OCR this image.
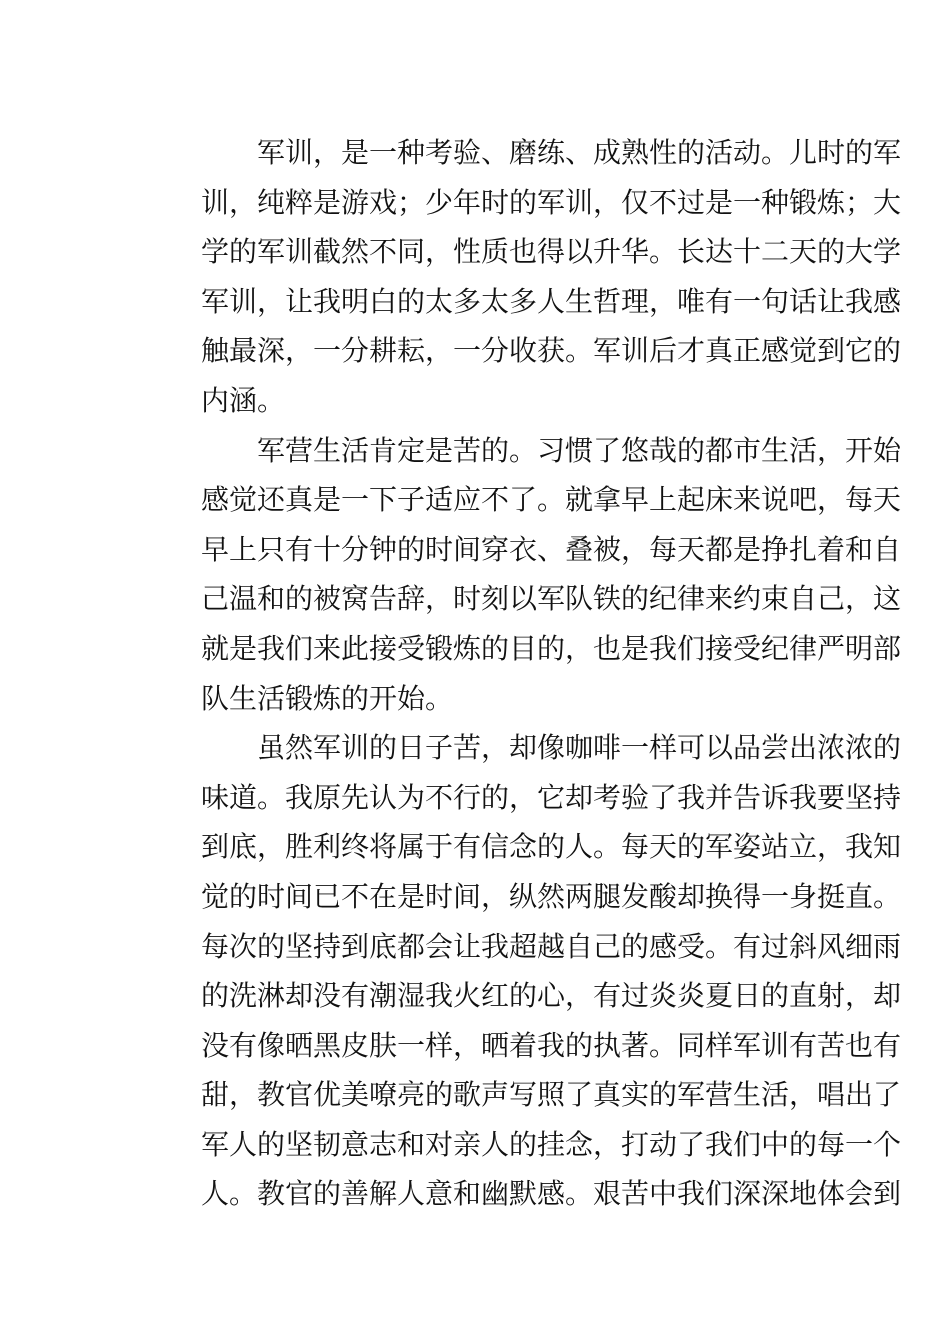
军训，是一种考验、磨练、成熟性的活动。儿时的军
训，纯粹是游戏；少年时的军训，仅不过是一种锻炼；大
学的军训截然不同，性质也得以升华。长达十二天的大学
军训，让我明白的太多太多人生哲理，唯有一句话让我感
触最深，一分耕耘，一分收获。军训后才真正感觉到它的
内涵。
军营生活肯定是苦的。习惯了悠哉的都市生活，开始
感觉还真是一下子适应不了。就拿早上起床来说吧，每天
早上只有十分钟的时间穿衣、叠被，每天都是挣扎着和自
己温和的被窝告辞，时刻以军队铁的纪律来约束自己，这
就是我们来此接受锻炼的目的，也是我们接受纪律严明部
队生活锻炼的开始。
虽然军训的日子苦，却像咖啡一样可以品尝出浓浓的
味道。我原先认为不行的，它却考验了我并告诉我要坚持
到底，胜利终将属于有信念的人。每天的军姿站立，我知
觉的时间已不在是时间，纵然两腿发酸却换得一身挺直。
每次的坚持到底都会让我超越自己的感受。有过斜风细雨
的洗淋却没有潮湿我火红的心，有过炎炎夏日的直射，却
没有像晒黑皮肤一样，晒着我的执著。同样军训有苦也有
甜，教官优美嘹亮的歌声写照了真实的军营生活，唱出了
军人的坚韧意志和对亲人的挂念，打动了我们中的每一个
人。教官的善解人意和幽默感。艰苦中我们深深地体会到
